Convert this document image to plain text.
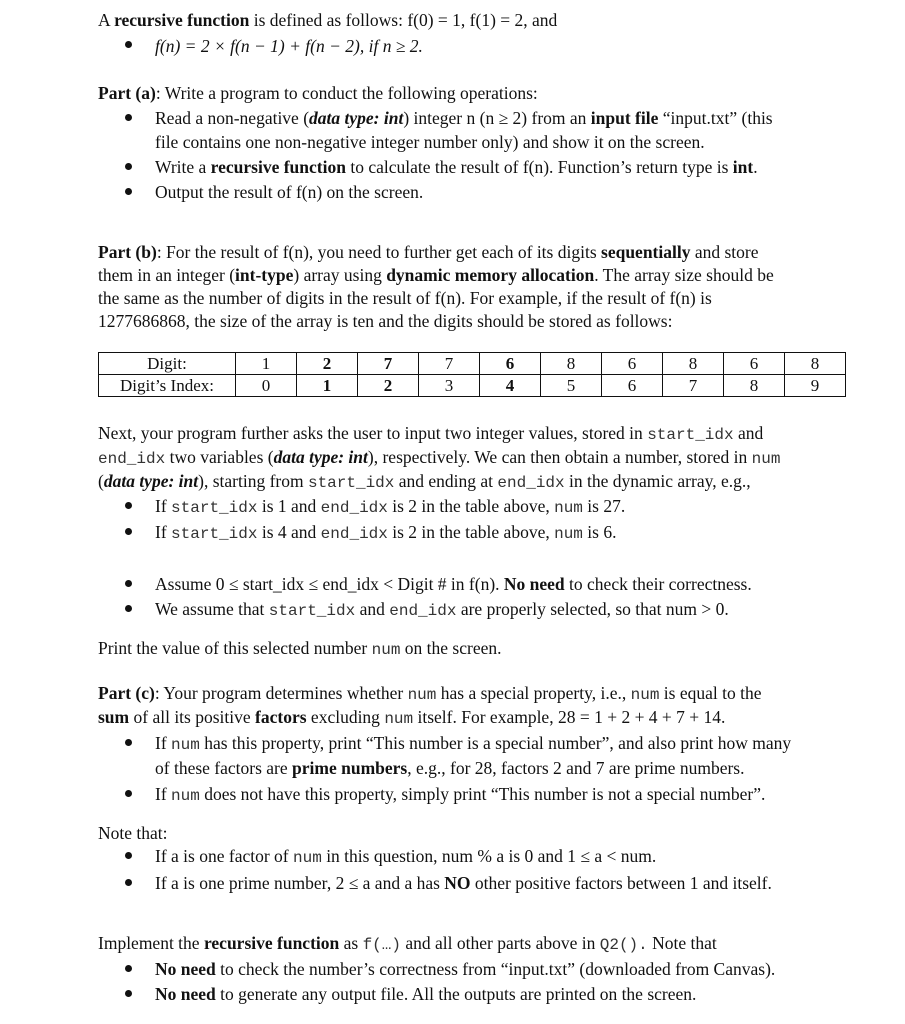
A recursive function is defined as follows: f(0) = 1, f(1) = 2, and
f(n) = 2 × f(n − 1) + f(n − 2), if n ≥ 2.
Part (a): Write a program to conduct the following operations:
Read a non-negative (data type: int) integer n (n ≥ 2) from an input file “input.txt” (this
file contains one non-negative integer number only) and show it on the screen.
Write a recursive function to calculate the result of f(n). Function’s return type is int.
Output the result of f(n) on the screen.
Part (b): For the result of f(n), you need to further get each of its digits sequentially and store
them in an integer (int-type) array using dynamic memory allocation. The array size should be
the same as the number of digits in the result of f(n). For example, if the result of f(n) is
1277686868, the size of the array is ten and the digits should be stored as follows:
Digit:	1	2	7	7	6	8	6	8	6	8
Digit’s Index:	0	1	2	3	4	5	6	7	8	9
Next, your program further asks the user to input two integer values, stored in start_idx and
end_idx two variables (data type: int), respectively. We can then obtain a number, stored in num
(data type: int), starting from start_idx and ending at end_idx in the dynamic array, e.g.,
If start_idx is 1 and end_idx is 2 in the table above, num is 27.
If start_idx is 4 and end_idx is 2 in the table above, num is 6.
Assume 0 ≤ start_idx ≤ end_idx < Digit # in f(n). No need to check their correctness.
We assume that start_idx and end_idx are properly selected, so that num > 0.
Print the value of this selected number num on the screen.
Part (c): Your program determines whether num has a special property, i.e., num is equal to the
sum of all its positive factors excluding num itself. For example, 28 = 1 + 2 + 4 + 7 + 14.
If num has this property, print “This number is a special number”, and also print how many
of these factors are prime numbers, e.g., for 28, factors 2 and 7 are prime numbers.
If num does not have this property, simply print “This number is not a special number”.
Note that:
If a is one factor of num in this question, num % a is 0 and 1 ≤ a < num.
If a is one prime number, 2 ≤ a and a has NO other positive factors between 1 and itself.
Implement the recursive function as f(…) and all other parts above in Q2(). Note that
No need to check the number’s correctness from “input.txt” (downloaded from Canvas).
No need to generate any output file. All the outputs are printed on the screen.
